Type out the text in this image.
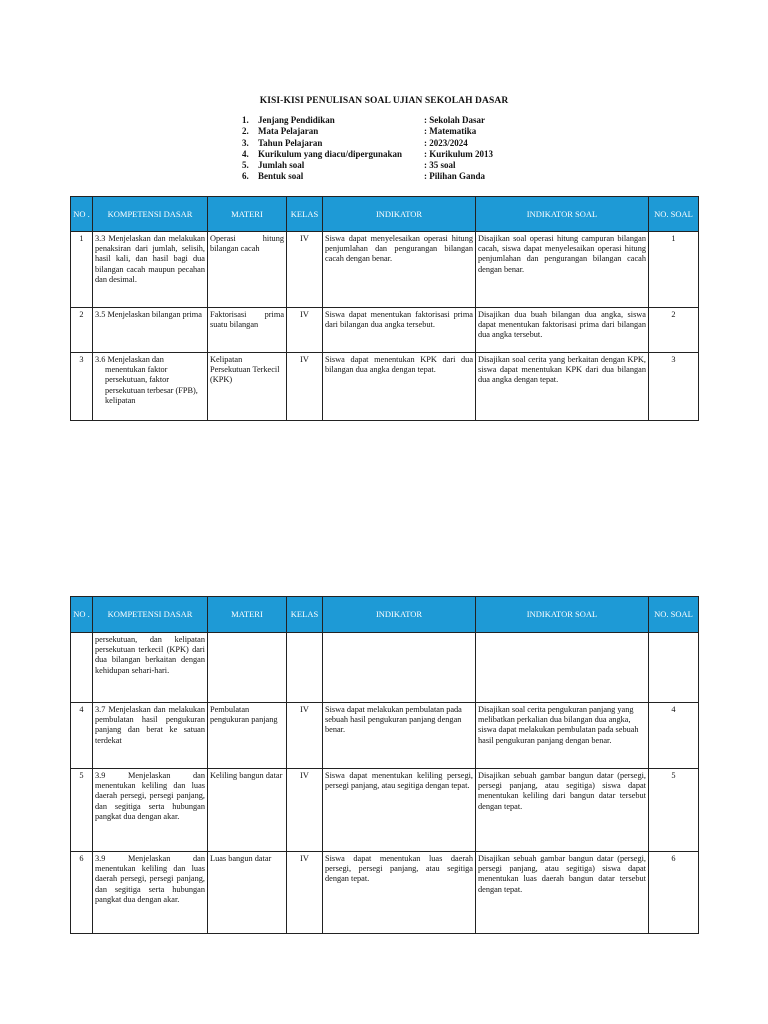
KISI-KISI PENULISAN SOAL UJIAN SEKOLAH DASAR
1.	Jenjang Pendidikan	: Sekolah Dasar
2.	Mata Pelajaran	: Matematika
3.	Tahun Pelajaran	: 2023/2024
4.	Kurikulum yang diacu/dipergunakan	: Kurikulum 2013
5.	Jumlah soal	: 35 soal
6.	Bentuk soal	: Pilihan Ganda
NO .	KOMPETENSI DASAR	MATERI	KELAS	INDIKATOR	INDIKATOR SOAL	NO. SOAL
1	3.3 Menjelaskan dan melakukan penaksiran dari jumlah, selisih, hasil kali, dan hasil bagi dua bilangan cacah maupun pecahan dan desimal.	Operasi hitung bilangan cacah	IV	Siswa dapat menyelesaikan operasi hitung penjumlahan dan pengurangan bilangan cacah dengan benar.	Disajikan soal operasi hitung campuran bilangan cacah, siswa dapat menyelesaikan operasi hitung penjumlahan dan pengurangan bilangan cacah dengan benar.	1
2	3.5 Menjelaskan bilangan prima	Faktorisasi prima suatu bilangan	IV	Siswa dapat menentukan faktorisasi prima dari bilangan dua angka tersebut.	Disajikan dua buah bilangan dua angka, siswa dapat menentukan faktorisasi prima dari bilangan dua angka tersebut.	2
3	3.6 Menjelaskan dan
menentukan faktor persekutuan, faktor persekutuan terbesar (FPB), kelipatan	Kelipatan Persekutuan Terkecil (KPK)	IV	Siswa dapat menentukan KPK dari dua bilangan dua angka dengan tepat.	Disajikan soal cerita yang berkaitan dengan KPK, siswa dapat menentukan KPK dari dua bilangan dua angka dengan tepat.	3
NO .	KOMPETENSI DASAR	MATERI	KELAS	INDIKATOR	INDIKATOR SOAL	NO. SOAL
	persekutuan, dan kelipatan persekutuan terkecil (KPK) dari dua bilangan berkaitan dengan kehidupan sehari-hari.					
4	3.7 Menjelaskan dan melakukan pembulatan hasil pengukuran panjang dan berat ke satuan terdekat	Pembulatan pengukuran panjang	IV	Siswa dapat melakukan pembulatan pada sebuah hasil pengukuran panjang dengan benar.	Disajikan soal cerita pengukuran panjang yang melibatkan perkalian dua bilangan dua angka, siswa dapat melakukan pembulatan pada sebuah hasil pengukuran panjang dengan benar.	4
5	3.9 Menjelaskan dan menentukan keliling dan luas daerah persegi, persegi panjang, dan segitiga serta hubungan pangkat dua dengan akar.	Keliling bangun datar	IV	Siswa dapat menentukan keliling persegi, persegi panjang, atau segitiga dengan tepat.	Disajikan sebuah gambar bangun datar (persegi, persegi panjang, atau segitiga) siswa dapat menentukan keliling dari bangun datar tersebut dengan tepat.	5
6	3.9 Menjelaskan dan menentukan keliling dan luas daerah persegi, persegi panjang, dan segitiga serta hubungan pangkat dua dengan akar.	Luas bangun datar	IV	Siswa dapat menentukan luas daerah persegi, persegi panjang, atau segitiga dengan tepat.	Disajikan sebuah gambar bangun datar (persegi, persegi panjang, atau segitiga) siswa dapat menentukan luas daerah bangun datar tersebut dengan tepat.	6
